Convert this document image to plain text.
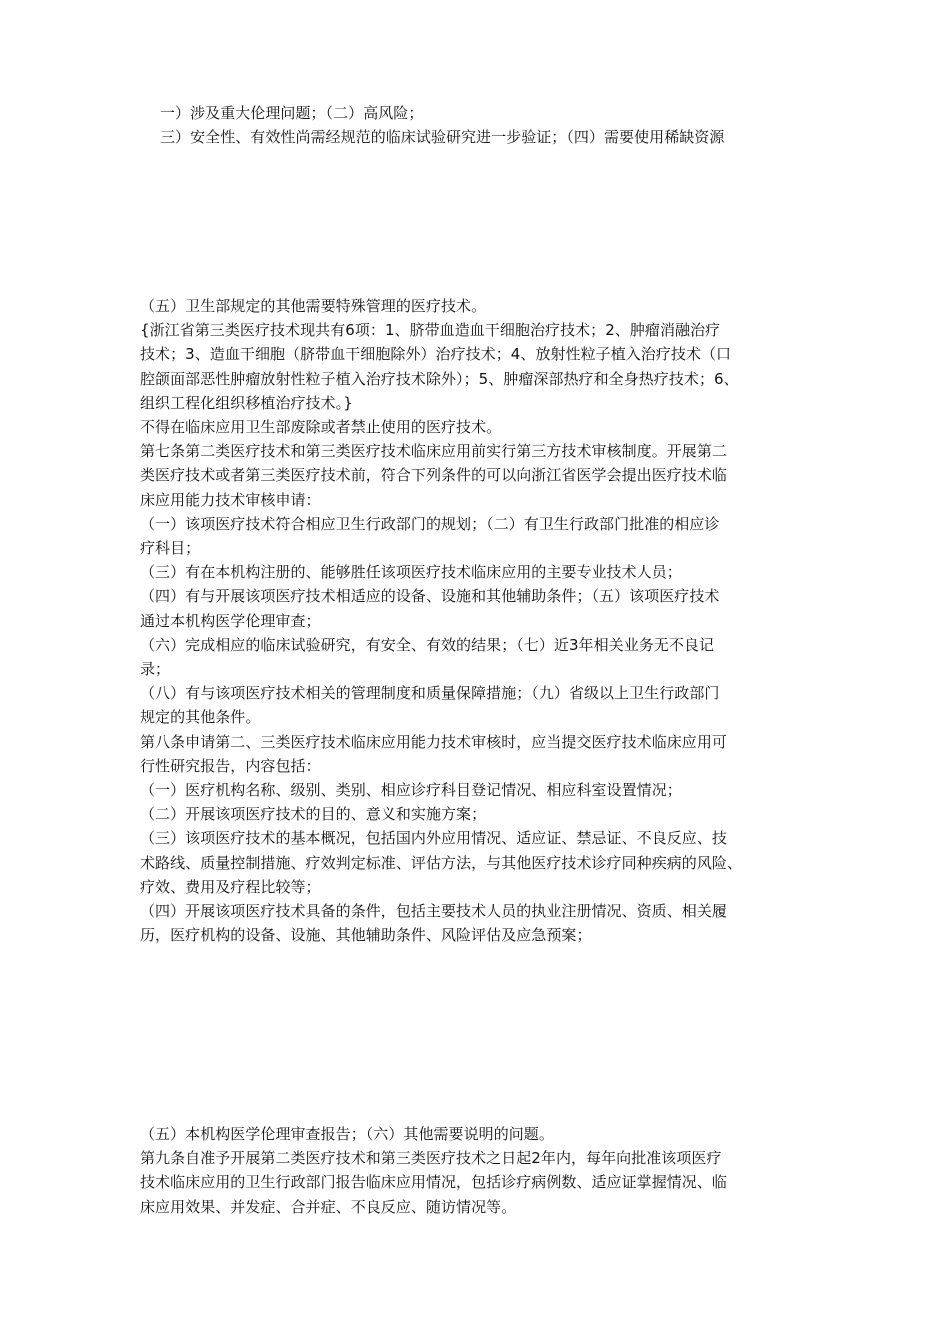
一）涉及重大伦理问题；（二）高风险；
三）安全性、有效性尚需经规范的临床试验研究进一步验证；（四）需要使用稀缺资源
（五）卫生部规定的其他需要特殊管理的医疗技术。
{浙江省第三类医疗技术现共有6项：1、脐带血造血干细胞治疗技术；2、肿瘤消融治疗
技术；3、造血干细胞（脐带血干细胞除外）治疗技术；4、放射性粒子植入治疗技术（口
腔颌面部恶性肿瘤放射性粒子植入治疗技术除外）；5、肿瘤深部热疗和全身热疗技术；6、
组织工程化组织移植治疗技术。}
不得在临床应用卫生部废除或者禁止使用的医疗技术。
第七条第二类医疗技术和第三类医疗技术临床应用前实行第三方技术审核制度。开展第二
类医疗技术或者第三类医疗技术前，符合下列条件的可以向浙江省医学会提出医疗技术临
床应用能力技术审核申请：
（一）该项医疗技术符合相应卫生行政部门的规划；（二）有卫生行政部门批准的相应诊
疗科目；
（三）有在本机构注册的、能够胜任该项医疗技术临床应用的主要专业技术人员；
（四）有与开展该项医疗技术相适应的设备、设施和其他辅助条件；（五）该项医疗技术
通过本机构医学伦理审查；
（六）完成相应的临床试验研究，有安全、有效的结果；（七）近3年相关业务无不良记
录；
（八）有与该项医疗技术相关的管理制度和质量保障措施；（九）省级以上卫生行政部门
规定的其他条件。
第八条申请第二、三类医疗技术临床应用能力技术审核时，应当提交医疗技术临床应用可
行性研究报告，内容包括：
（一）医疗机构名称、级别、类别、相应诊疗科目登记情况、相应科室设置情况；
（二）开展该项医疗技术的目的、意义和实施方案；
（三）该项医疗技术的基本概况，包括国内外应用情况、适应证、禁忌证、不良反应、技
术路线、质量控制措施、疗效判定标准、评估方法，与其他医疗技术诊疗同种疾病的风险、
疗效、费用及疗程比较等；
（四）开展该项医疗技术具备的条件，包括主要技术人员的执业注册情况、资质、相关履
历，医疗机构的设备、设施、其他辅助条件、风险评估及应急预案；
（五）本机构医学伦理审查报告；（六）其他需要说明的问题。
第九条自准予开展第二类医疗技术和第三类医疗技术之日起2年内，每年向批准该项医疗
技术临床应用的卫生行政部门报告临床应用情况，包括诊疗病例数、适应证掌握情况、临
床应用效果、并发症、合并症、不良反应、随访情况等。
